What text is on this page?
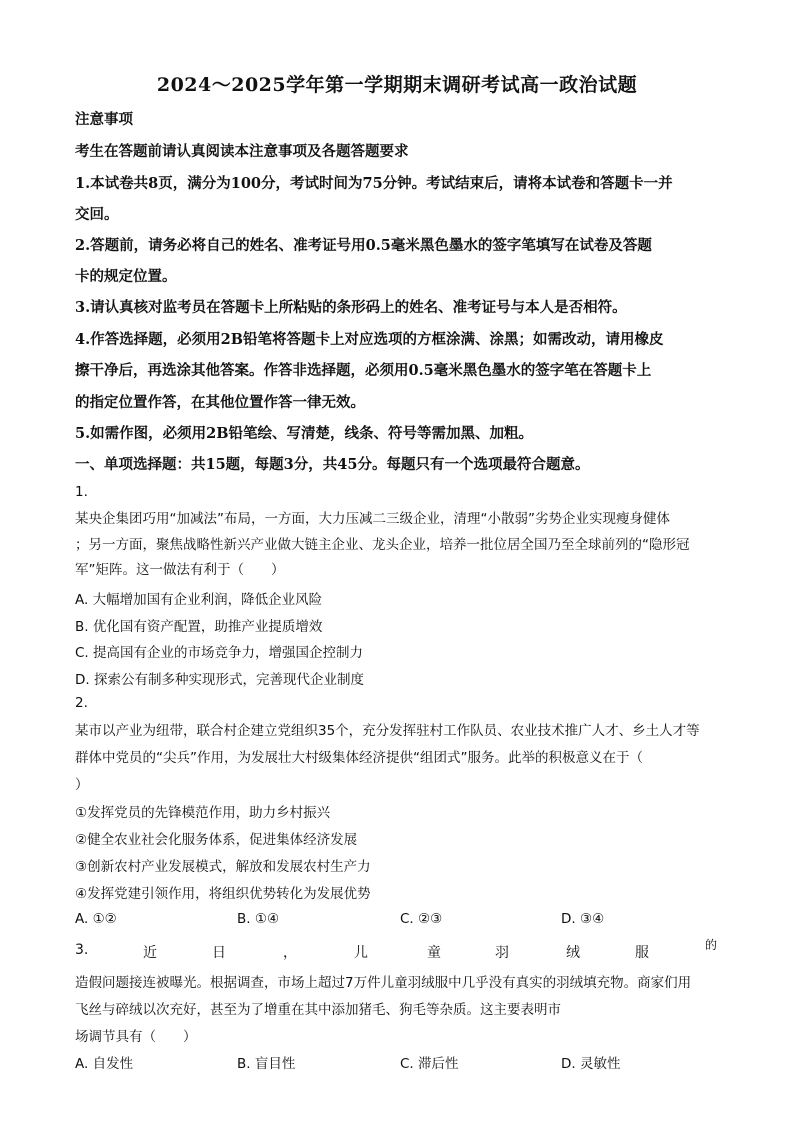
2024～2025学年第一学期期末调研考试高一政治试题
注意事项
考生在答题前请认真阅读本注意事项及各题答题要求
1.本试卷共8页，满分为100分，考试时间为75分钟。考试结束后，请将本试卷和答题卡一并
交回。
2.答题前，请务必将自己的姓名、准考证号用0.5毫米黑色墨水的签字笔填写在试卷及答题
卡的规定位置。
3.请认真核对监考员在答题卡上所粘贴的条形码上的姓名、准考证号与本人是否相符。
4.作答选择题，必须用2B铅笔将答题卡上对应选项的方框涂满、涂黑；如需改动，请用橡皮
擦干净后，再选涂其他答案。作答非选择题，必须用0.5毫米黑色墨水的签字笔在答题卡上
的指定位置作答，在其他位置作答一律无效。
5.如需作图，必须用2B铅笔绘、写清楚，线条、符号等需加黑、加粗。
一、单项选择题：共15题，每题3分，共45分。每题只有一个选项最符合题意。
1.
某央企集团巧用“加减法”布局，一方面，大力压减二三级企业，清理“小散弱”劣势企业实现瘦身健体
；另一方面，聚焦战略性新兴产业做大链主企业、龙头企业，培养一批位居全国乃至全球前列的“隐形冠
军”矩阵。这一做法有利于（　　）
A. 大幅增加国有企业利润，降低企业风险
B. 优化国有资产配置，助推产业提质增效
C. 提高国有企业的市场竞争力，增强国企控制力
D. 探索公有制多种实现形式，完善现代企业制度
2.
某市以产业为纽带，联合村企建立党组织35个，充分发挥驻村工作队员、农业技术推广人才、乡土人才等
群体中党员的“尖兵”作用，为发展壮大村级集体经济提供“组团式”服务。此举的积极意义在于（
）
①发挥党员的先锋模范作用，助力乡村振兴
②健全农业社会化服务体系，促进集体经济发展
③创新农村产业发展模式，解放和发展农村生产力
④发挥党建引领作用，将组织优势转化为发展优势
A. ①②	B. ①④	C. ②③	D. ③④
3.	近	日	，	儿	童	羽	绒	服	的
造假问题接连被曝光。根据调查，市场上超过7万件儿童羽绒服中几乎没有真实的羽绒填充物。商家们用
飞丝与碎绒以次充好，甚至为了增重在其中添加猪毛、狗毛等杂质。这主要表明市
场调节具有（　　）
A. 自发性	B. 盲目性	C. 滞后性	D. 灵敏性
